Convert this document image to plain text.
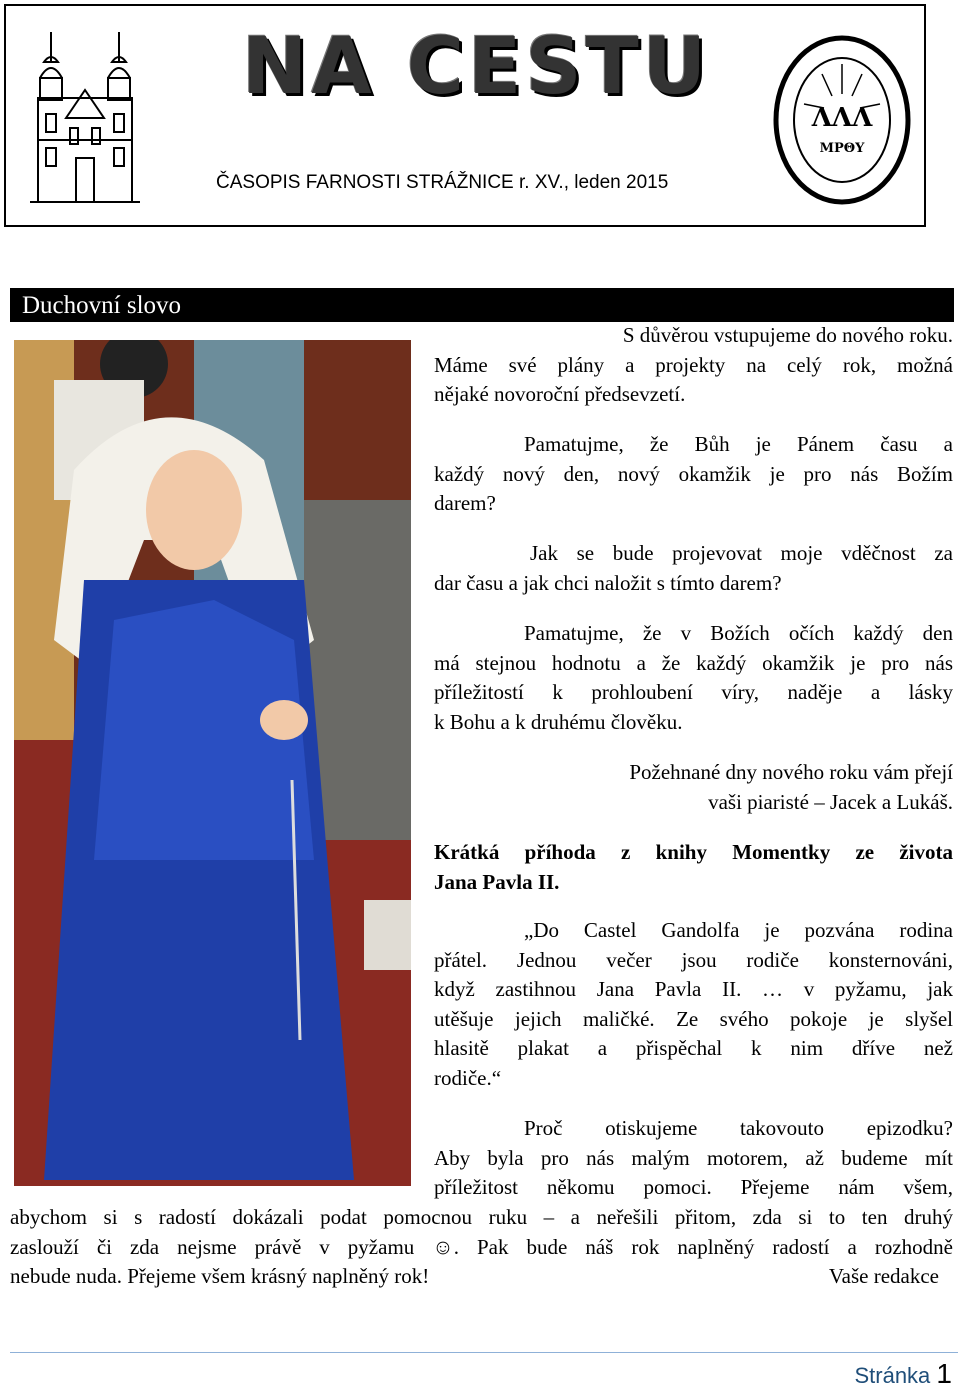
NA CESTU
ČASOPIS FARNOSTI STRÁŽNICE r. XV., leden 2015
ΛΛΛ
ΜΡΘΥ
Duchovní slovo

S důvěrou vstupujeme do nového roku.

Máme své plány a projekty na celý rok, možná

nějaké novoroční předsevzetí.

Pamatujme, že Bůh je Pánem času a

každý nový den, nový okamžik je pro nás Božím

darem?

Jak se bude projevovat moje vděčnost za

dar času a jak chci naložit s tímto darem?

Pamatujme, že v Božích očích každý den

má stejnou hodnotu a že každý okamžik je pro nás

příležitostí k prohloubení víry, naděje a lásky

k Bohu a k druhému člověku.

Požehnané dny nového roku vám přejí

vaši piaristé – Jacek a Lukáš.

Krátká příhoda z knihy Momentky ze života

Jana Pavla II.

„Do Castel Gandolfa je pozvána rodina

přátel. Jednou večer jsou rodiče konsternováni,

když zastihnou Jana Pavla II. … v pyžamu, jak

utěšuje jejich maličké. Ze svého pokoje je slyšel

hlasitě plakat a přispěchal k nim dříve než

rodiče.“

Proč otiskujeme takovouto epizodku?

Aby byla pro nás malým motorem, až budeme mít

příležitost někomu pomoci. Přejeme nám všem,

abychom si s radostí dokázali podat pomocnou ruku – a neřešili přitom, zda si to ten druhý

zaslouží či zda nejsme právě v pyžamu ☺. Pak bude náš rok naplněný radostí a rozhodně

nebude nuda. Přejeme všem krásný naplněný rok!	Vaše redakce

Stránka 1
